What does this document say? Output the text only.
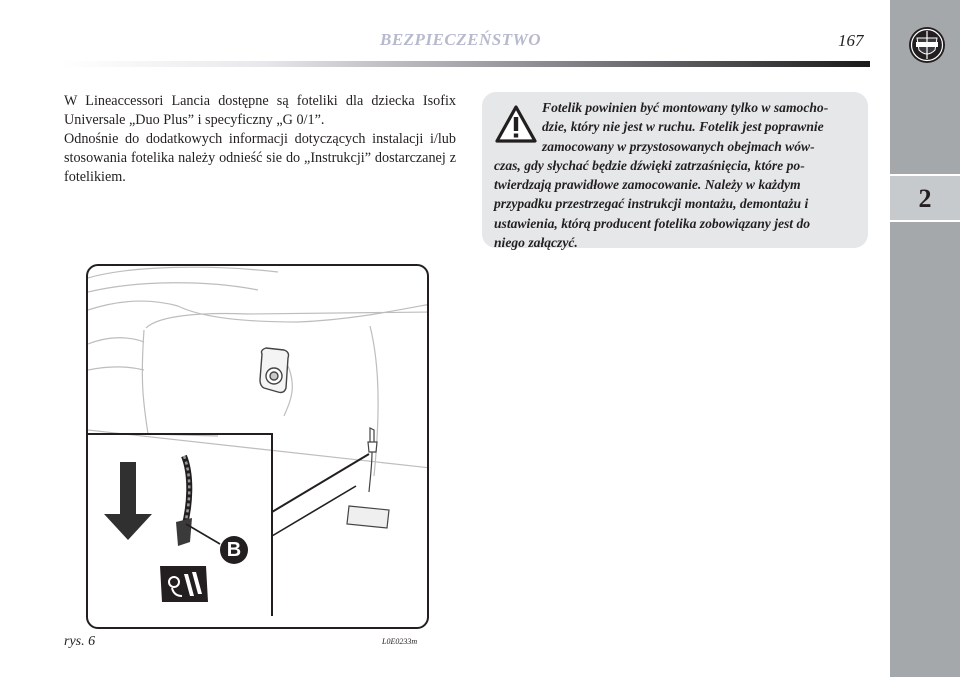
BEZPIECZEŃSTWO	167
2

W Lineaccessori Lancia dostępne są foteliki dla dziecka Isofix Universale „Duo Plus” i specyficzny „G 0/1”.

Odnośnie do dodatkowych informacji dotyczących instalacji i/lub stosowania fotelika należy odnieść sie do „Instrukcji” dostarczanej z fotelikiem.

Fotelik powinien być montowany tylko w samocho-
dzie, który nie jest w ruchu. Fotelik jest poprawnie
zamocowany w przystosowanych obejmach wów-
czas, gdy słychać będzie dźwięki zatrzaśnięcia, które po-
twierdzają prawidłowe zamocowanie. Należy w każdym
przypadku przestrzegać instrukcji montażu, demontażu i
ustawienia, którą producent fotelika zobowiązany jest do
niego załączyć.
B
rys. 6	L0E0233m
